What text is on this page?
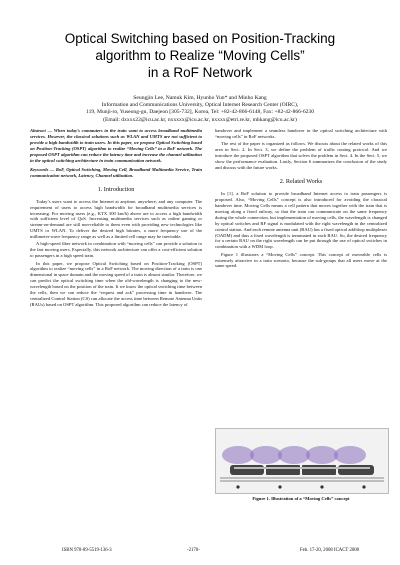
Optical Switching based on Position-Tracking
algorithm to Realize “Moving Cells”
in a RoF Network
Seungjin Lee, Namuk Kim, Hyunho Yun* and Minho Kang
Information and Communications University, Optical Internet Research Center (OIRC),
119, Munji-ro, Yuseong-gu, Daejeon [305-732], Korea, Tel: +82-42-866-6148, Fax: +82-42-866-6230
(Email: dxxxx22@icu.ac.kr, nxxxxx@icu.ac.kr, nxxxx@etri.re.kr, mhkang@icu.ac.kr)

Abstract — When today’s commuters in the train want to access broadband multimedia services. However, the classical solutions such as WLAN and UMTS are not sufficient to provide a high bandwidth to train users. In this paper, we propose Optical Switching based on Position-Tracking (OSPT) algorithm to realize “Moving Cells” in a RoF network. The proposed OSPT algorithm can reduce the latency time and increase the channel utilization in the optical switching architecture in train communication network.

Keywords — RoF, Optical Switching, Moving Cell, Broadband Multimedia Service, Train communication network, Latency, Channel utilization.

1. Introduction

Today’s users want to access the Internet at anytime, anywhere, and any computer. The requirement of users to access high bandwidth for broadband multimedia services is increasing. For moving users (e.g., KTX 300 km/h) above are to access a high bandwidth with sufficient level of QoS. Increasing multimedia services such as online gaming or stream-on-demand are still non-reliable to them even with providing new technologies like UMTS or WLAN. To deliver the desired high bitrates, a more frequency use of the millimeter-wave frequency range as well as a limited cell range may be inevitable.

A high-speed fiber network in combination with “moving cells” can provide a solution to the fast moving users. Especially, this network architecture can offer a cost-efficient solution to passengers in a high speed train.

In this paper, we propose Optical Switching based on Position-Tracking (OSPT) algorithm to realize “moving cells” in a RoF network. The moving direction of a train is one dimensional in space domain and the moving speed of a train is almost similar. Therefore, we can predict the optical switching time when the old-wavelength is changing to the new-wavelength based on the position of the train. It we know the optical switching time between the cells, then we can reduce the “request and ack” processing time in handover. The centralized Control Station (CS) can allocate the access time between Remote Antenna Units (RAUs) based on OSPT algorithm. This proposed algorithm can reduce the latency of

handover and implement a seamless handover in the optical switching architecture with “moving cells” in RoF networks.

The rest of the paper is organized as follows. We discuss about the related works of this area in Sect. 2. In Sect. 3, we define the problem of traffic routing protocol. And we introduce the proposed OSPT algorithm that solves the problem in Sect. 4. In the Sect. 5, we show the performance evaluation. Lastly, Section 6 summarizes the conclusion of the study and discuss with the future works.

2. Related Works

In [1], a RoF solution to provide broadband Internet access to train passengers is proposed. Also, “Moving Cells” concept is also introduced for avoiding the classical handover time. Moving Cells means a cell pattern that moves together with the train that is moving along a fixed railway, so that the train can communicate on the same frequency during the whole connection, but implementation of moving cells, the wavelength is changed by optical switches and RF signal is modulated with the right wavelength in the centralized control station. And each remote antenna unit (RAU) has a fixed optical add/drop multiplexer (OADM) and thus a fixed wavelength is terminated in each RAU. So, the desired frequency for a certain RAU on the right wavelength can be put through the use of optical switches in combination with a WDM loop.

Figure 1 illustrates a “Moving Cells” concept. This concept of moveable cells is extremely attractive in a train scenario, because the sub-groups that all users move at the same speed.

Figure 1. Illustration of a “Moving Cells” concept
ISBN 978-89-5519-136-3	-2170-	Feb. 17-20, 2008 ICACT 2008
